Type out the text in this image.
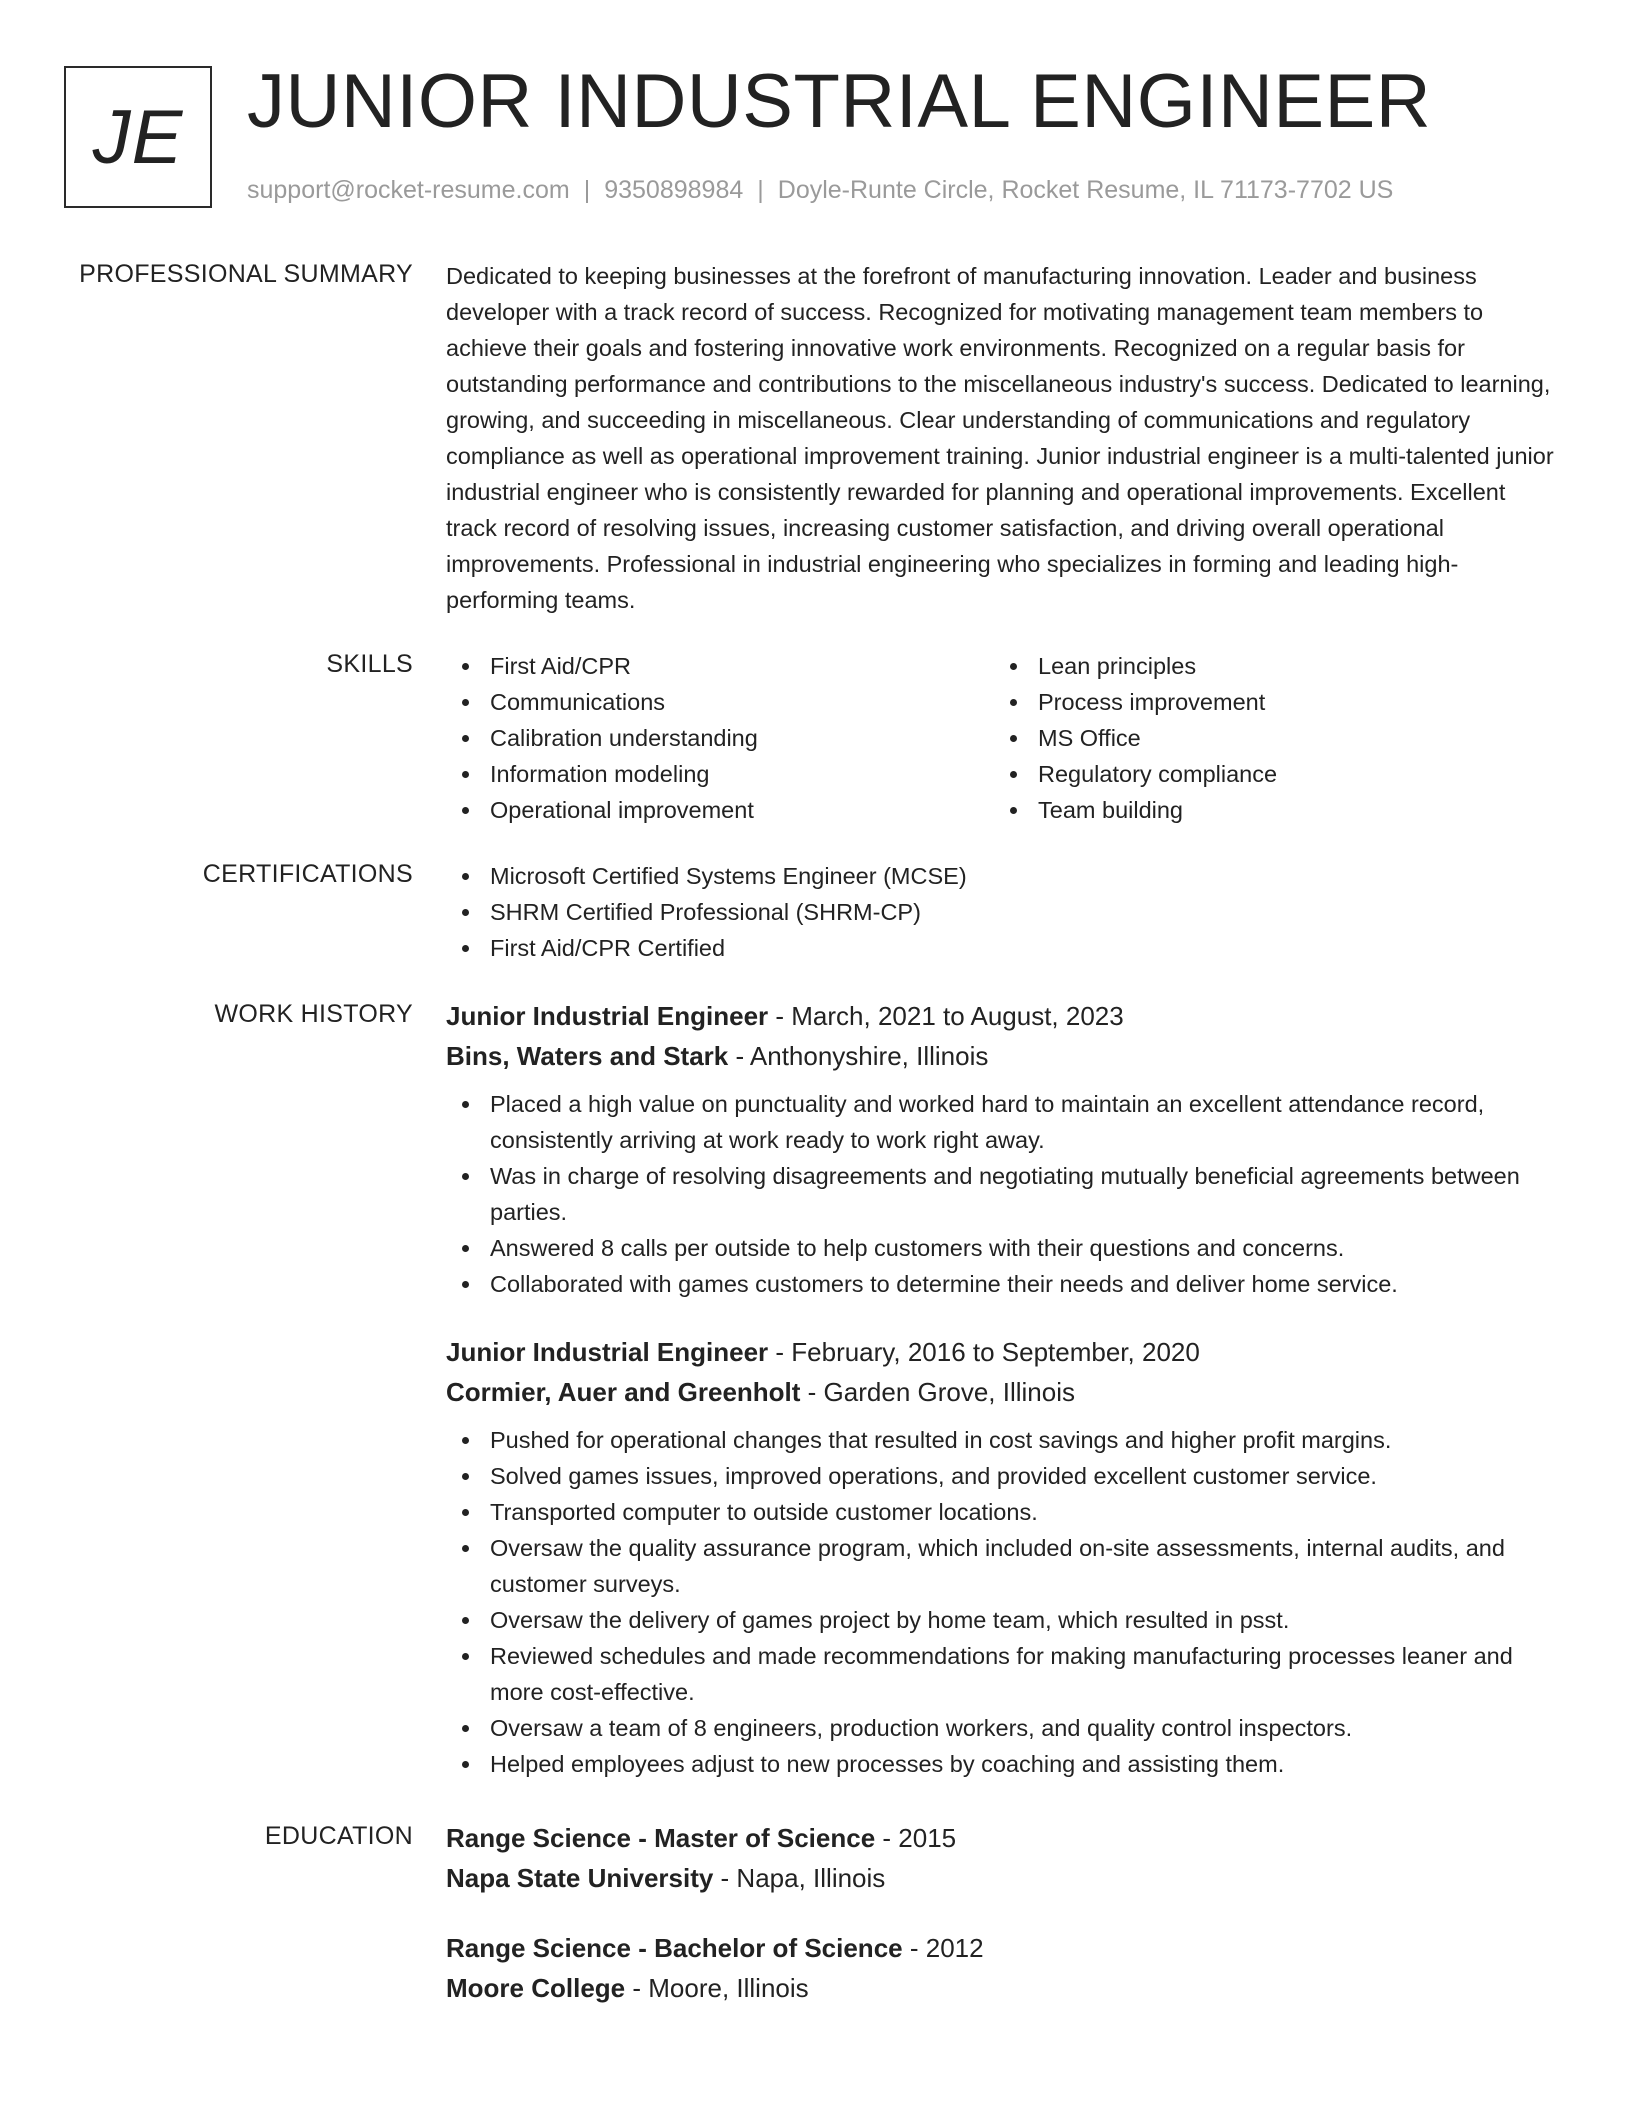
JE JUNIOR INDUSTRIAL ENGINEER
support@rocket-resume.com | 9350898984 | Doyle-Runte Circle, Rocket Resume, IL 71173-7702 US
PROFESSIONAL SUMMARY Dedicated to keeping businesses at the forefront of manufacturing innovation. Leader and business developer with a track record of success. Recognized for motivating management team members to achieve their goals and fostering innovative work environments. Recognized on a regular basis for outstanding performance and contributions to the miscellaneous industry's success. Dedicated to learning, growing, and succeeding in miscellaneous. Clear understanding of communications and regulatory compliance as well as operational improvement training. Junior industrial engineer is a multi-talented junior industrial engineer who is consistently rewarded for planning and operational improvements. Excellent track record of resolving issues, increasing customer satisfaction, and driving overall operational improvements. Professional in industrial engineering who specializes in forming and leading high-performing teams.

SKILLS	First Aid/CPR
Communications
Calibration understanding
Information modeling
Operational improvement
Lean principles
Process improvement
MS Office
Regulatory compliance
Team building
CERTIFICATIONS	Microsoft Certified Systems Engineer (MCSE)
SHRM Certified Professional (SHRM-CP)
First Aid/CPR Certified
WORK HISTORY Junior Industrial Engineer - March, 2021 to August, 2023
Bins, Waters and Stark - Anthonyshire, Illinois
Placed a high value on punctuality and worked hard to maintain an excellent attendance record, consistently arriving at work ready to work right away.
Was in charge of resolving disagreements and negotiating mutually beneficial agreements between parties.
Answered 8 calls per outside to help customers with their questions and concerns.
Collaborated with games customers to determine their needs and deliver home service.
Junior Industrial Engineer - February, 2016 to September, 2020
Cormier, Auer and Greenholt - Garden Grove, Illinois
Pushed for operational changes that resulted in cost savings and higher profit margins.
Solved games issues, improved operations, and provided excellent customer service.
Transported computer to outside customer locations.
Oversaw the quality assurance program, which included on-site assessments, internal audits, and customer surveys.
Oversaw the delivery of games project by home team, which resulted in psst.
Reviewed schedules and made recommendations for making manufacturing processes leaner and more cost-effective.
Oversaw a team of 8 engineers, production workers, and quality control inspectors.
Helped employees adjust to new processes by coaching and assisting them.
EDUCATION Range Science - Master of Science - 2015
Napa State University - Napa, Illinois
Range Science - Bachelor of Science - 2012
Moore College - Moore, Illinois
